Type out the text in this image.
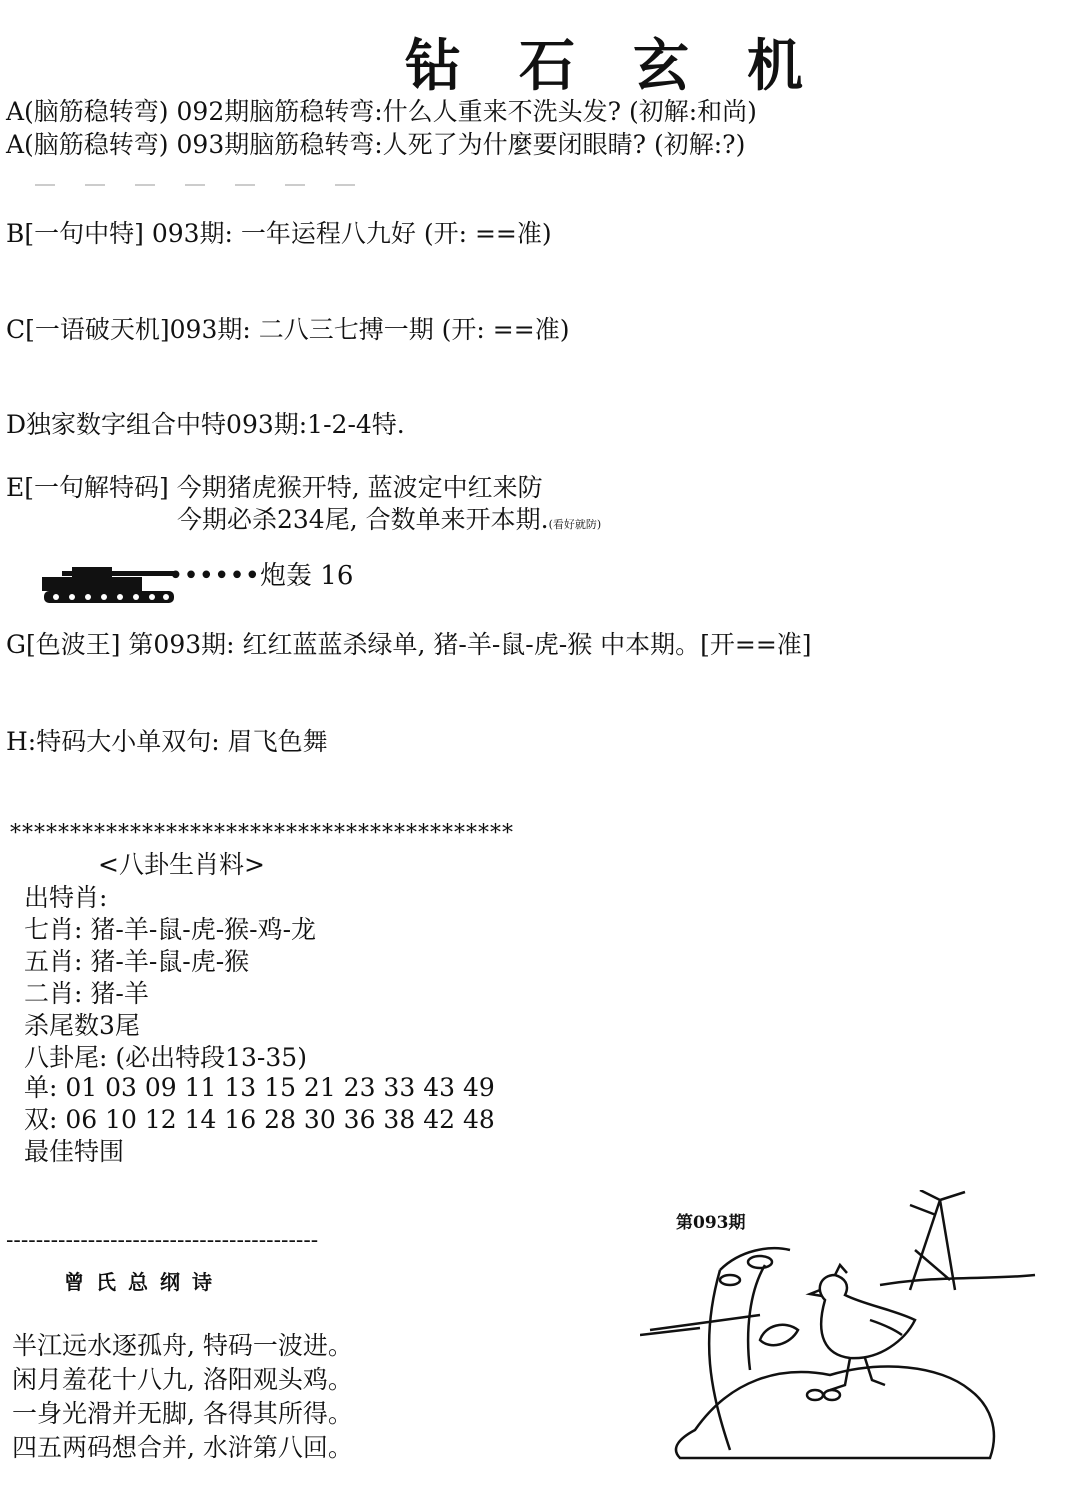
钻石玄机
A(脑筋稳转弯) 092期脑筋稳转弯:什么人重来不洗头发? (初解:和尚)
A(脑筋稳转弯) 093期脑筋稳转弯:人死了为什麼要闭眼睛? (初解:?)
B[一句中特] 093期: 一年运程八九好 (开: ==准)
C[一语破天机]093期: 二八三七搏一期 (开: ==准)
D独家数字组合中特093期:1-2-4特.
E[一句解特码] 今期猪虎猴开特, 蓝波定中红来防
今期必杀234尾, 合数单来开本期.(看好就防)
••••••炮轰 16
G[色波王] 第093期: 红红蓝蓝杀绿单, 猪-羊-鼠-虎-猴 中本期。[开==准]
H:特码大小单双句: 眉飞色舞
******************************************
<八卦生肖料>
出特肖:
七肖: 猪-羊-鼠-虎-猴-鸡-龙
五肖: 猪-羊-鼠-虎-猴
二肖: 猪-羊
杀尾数3尾
八卦尾: (必出特段13-35)
单: 01 03 09 11 13 15 21 23 33 43 49
双: 06 10 12 14 16 28 30 36 38 42 48
最佳特围
------------------------------------------
曾氏总纲诗
半江远水逐孤舟, 特码一波进。
闲月羞花十八九, 洛阳观头鸡。
一身光滑并无脚, 各得其所得。
四五两码想合并, 水浒第八回。
第093期
